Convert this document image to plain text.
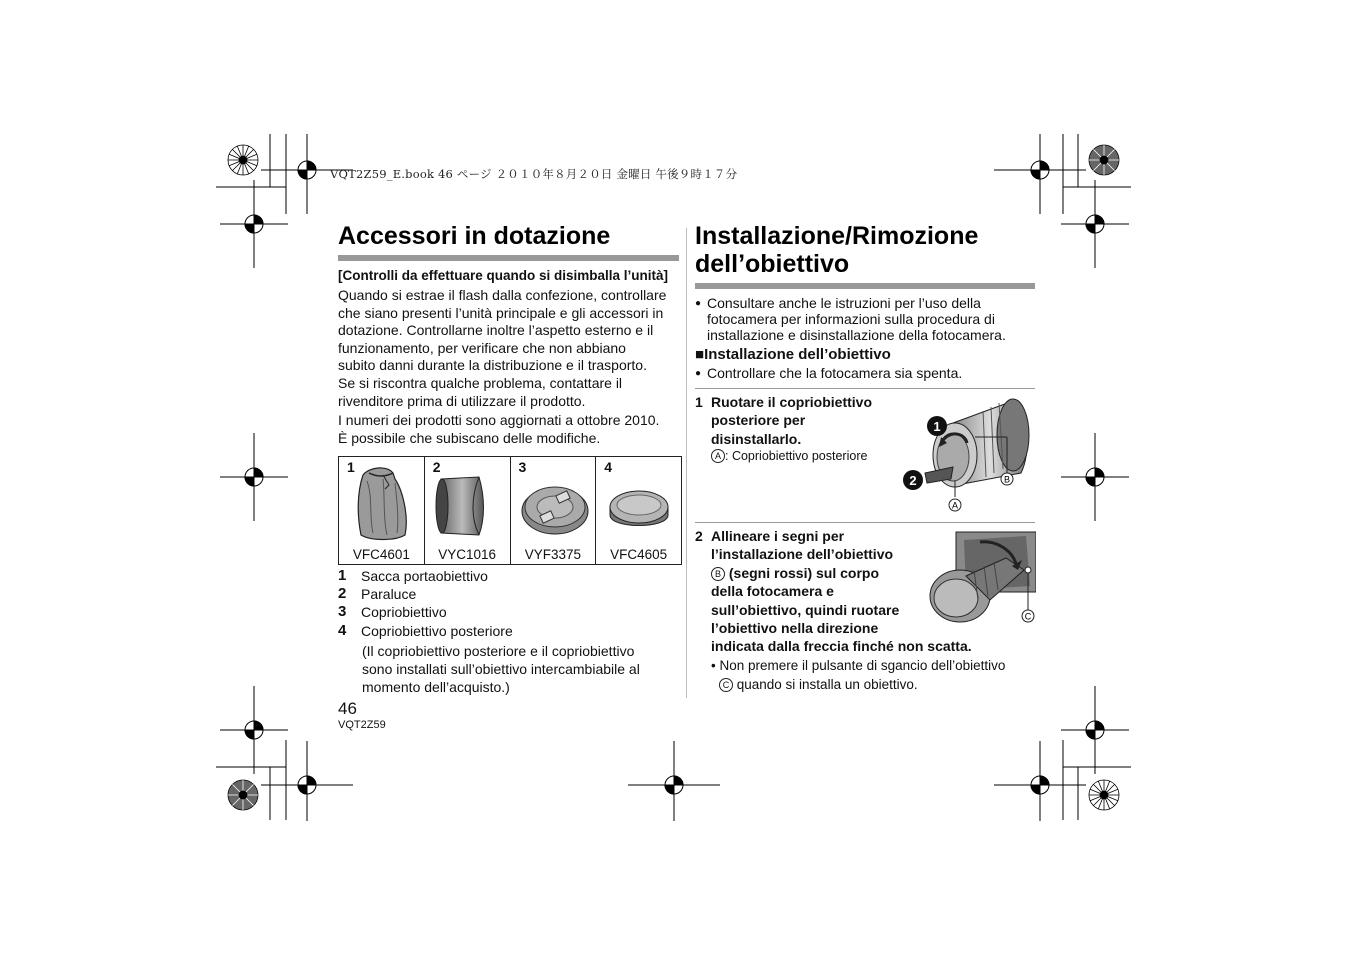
VQT2Z59_E.book 46 ページ ２０１０年８月２０日 金曜日 午後９時１７分
Accessori in dotazione
[Controlli da effettuare quando si disimballa l’unità]
Quando si estrae il flash dalla confezione, controllare
che siano presenti l’unità principale e gli accessori in
dotazione. Controllarne inoltre l’aspetto esterno e il
funzionamento, per verificare che non abbiano
subito danni durante la distribuzione e il trasporto.
Se si riscontra qualche problema, contattare il
rivenditore prima di utilizzare il prodotto.
I numeri dei prodotti sono aggiornati a ottobre 2010.
È possibile che subiscano delle modifiche.
1
VFC4601
2
VYC1016
3
VYF3375
4
VFC4605
1	Sacca portaobiettivo
2	Paraluce
3	Copriobiettivo
4	Copriobiettivo posteriore
(Il copriobiettivo posteriore e il copriobiettivo
sono installati sull’obiettivo intercambiabile al
momento dell’acquisto.)
46
VQT2Z59
Installazione/Rimozione
dell’obiettivo
● Consultare anche le istruzioni per l’uso della
fotocamera per informazioni sulla procedura di
installazione e disinstallazione della fotocamera.
■Installazione dell’obiettivo
● Controllare che la fotocamera sia spenta.
1 Ruotare il copriobiettivo
posteriore per
disinstallarlo.
A : Copriobiettivo posteriore
1
2
A
B
2 Allineare i segni per
l’installazione dell’obiettivo
B (segni rossi) sul corpo
della fotocamera e
sull’obiettivo, quindi ruotare
l’obiettivo nella direzione
indicata dalla freccia finché non scatta.
C
• Non premere il pulsante di sgancio dell’obiettivo
C quando si installa un obiettivo.
